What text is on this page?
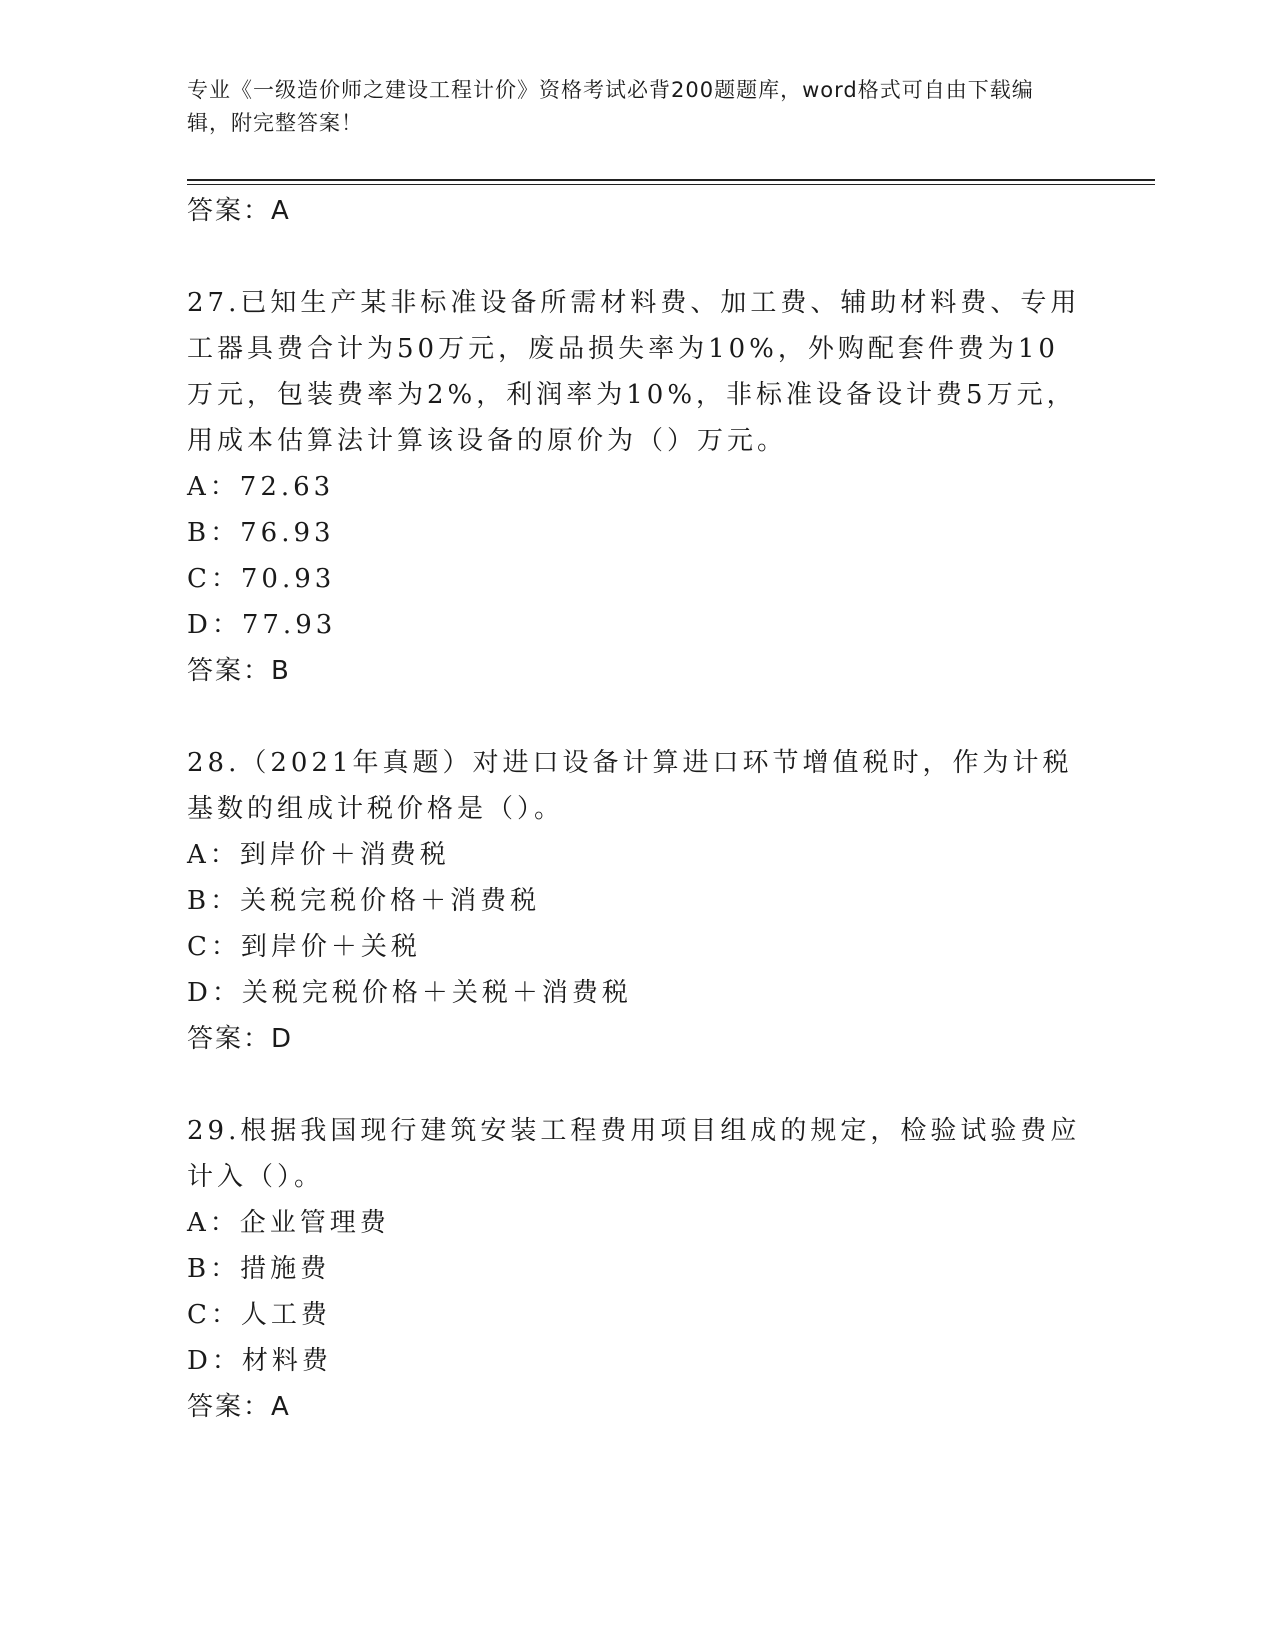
专业《一级造价师之建设工程计价》资格考试必背200题题库，word格式可自由下载编辑，附完整答案！
答案：A
27.已知生产某非标准设备所需材料费、加工费、辅助材料费、专用工器具费合计为50万元，废品损失率为10%，外购配套件费为10万元，包装费率为2%，利润率为10%，非标准设备设计费5万元，用成本估算法计算该设备的原价为（）万元。
A：72.63
B：76.93
C：70.93
D：77.93
答案：B
28.（2021年真题）对进口设备计算进口环节增值税时，作为计税基数的组成计税价格是（）。
A：到岸价＋消费税
B：关税完税价格＋消费税
C：到岸价＋关税
D：关税完税价格＋关税＋消费税
答案：D
29.根据我国现行建筑安装工程费用项目组成的规定，检验试验费应计入（）。
A：企业管理费
B：措施费
C：人工费
D：材料费
答案：A
